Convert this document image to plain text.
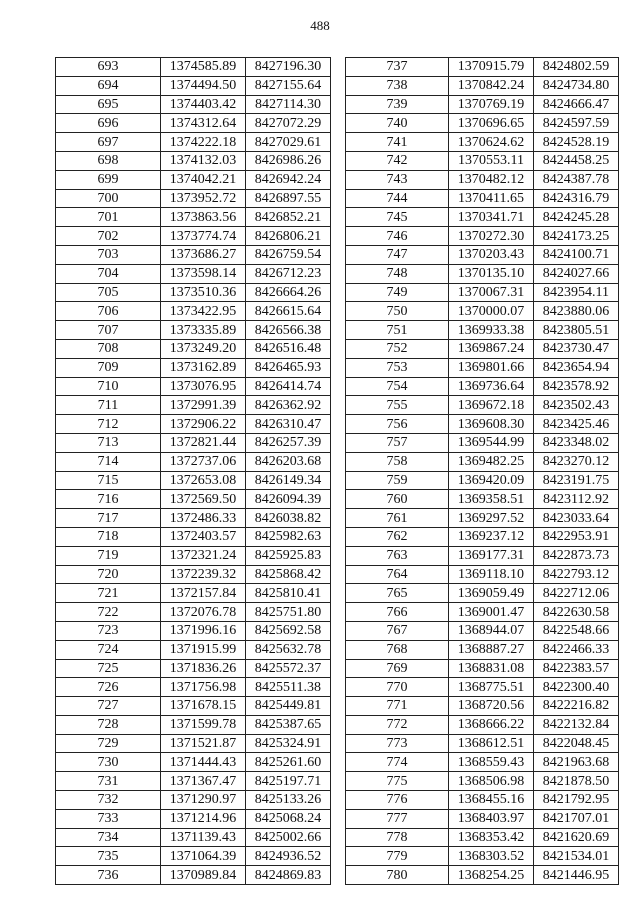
488
693	1374585.89	8427196.30
694	1374494.50	8427155.64
695	1374403.42	8427114.30
696	1374312.64	8427072.29
697	1374222.18	8427029.61
698	1374132.03	8426986.26
699	1374042.21	8426942.24
700	1373952.72	8426897.55
701	1373863.56	8426852.21
702	1373774.74	8426806.21
703	1373686.27	8426759.54
704	1373598.14	8426712.23
705	1373510.36	8426664.26
706	1373422.95	8426615.64
707	1373335.89	8426566.38
708	1373249.20	8426516.48
709	1373162.89	8426465.93
710	1373076.95	8426414.74
711	1372991.39	8426362.92
712	1372906.22	8426310.47
713	1372821.44	8426257.39
714	1372737.06	8426203.68
715	1372653.08	8426149.34
716	1372569.50	8426094.39
717	1372486.33	8426038.82
718	1372403.57	8425982.63
719	1372321.24	8425925.83
720	1372239.32	8425868.42
721	1372157.84	8425810.41
722	1372076.78	8425751.80
723	1371996.16	8425692.58
724	1371915.99	8425632.78
725	1371836.26	8425572.37
726	1371756.98	8425511.38
727	1371678.15	8425449.81
728	1371599.78	8425387.65
729	1371521.87	8425324.91
730	1371444.43	8425261.60
731	1371367.47	8425197.71
732	1371290.97	8425133.26
733	1371214.96	8425068.24
734	1371139.43	8425002.66
735	1371064.39	8424936.52
736	1370989.84	8424869.83
737	1370915.79	8424802.59
738	1370842.24	8424734.80
739	1370769.19	8424666.47
740	1370696.65	8424597.59
741	1370624.62	8424528.19
742	1370553.11	8424458.25
743	1370482.12	8424387.78
744	1370411.65	8424316.79
745	1370341.71	8424245.28
746	1370272.30	8424173.25
747	1370203.43	8424100.71
748	1370135.10	8424027.66
749	1370067.31	8423954.11
750	1370000.07	8423880.06
751	1369933.38	8423805.51
752	1369867.24	8423730.47
753	1369801.66	8423654.94
754	1369736.64	8423578.92
755	1369672.18	8423502.43
756	1369608.30	8423425.46
757	1369544.99	8423348.02
758	1369482.25	8423270.12
759	1369420.09	8423191.75
760	1369358.51	8423112.92
761	1369297.52	8423033.64
762	1369237.12	8422953.91
763	1369177.31	8422873.73
764	1369118.10	8422793.12
765	1369059.49	8422712.06
766	1369001.47	8422630.58
767	1368944.07	8422548.66
768	1368887.27	8422466.33
769	1368831.08	8422383.57
770	1368775.51	8422300.40
771	1368720.56	8422216.82
772	1368666.22	8422132.84
773	1368612.51	8422048.45
774	1368559.43	8421963.68
775	1368506.98	8421878.50
776	1368455.16	8421792.95
777	1368403.97	8421707.01
778	1368353.42	8421620.69
779	1368303.52	8421534.01
780	1368254.25	8421446.95
